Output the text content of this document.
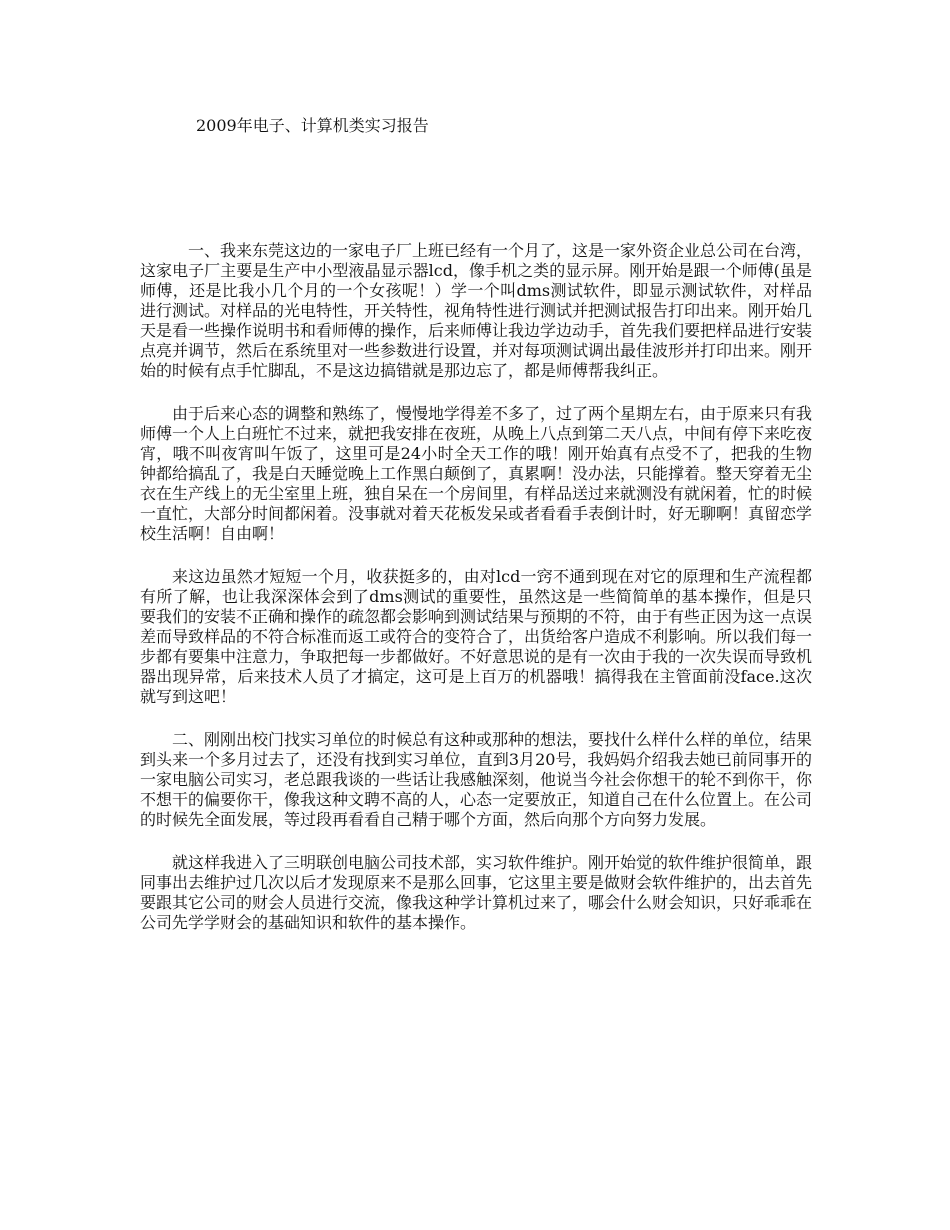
2009年电子、计算机类实习报告

一、我来东莞这边的一家电子厂上班已经有一个月了，这是一家外资企业总公司在台湾，这家电子厂主要是生产中小型液晶显示器lcd，像手机之类的显示屏。刚开始是跟一个师傅(虽是师傅，还是比我小几个月的一个女孩呢！）学一个叫dms测试软件，即显示测试软件，对样品进行测试。对样品的光电特性，开关特性，视角特性进行测试并把测试报告打印出来。刚开始几天是看一些操作说明书和看师傅的操作，后来师傅让我边学边动手，首先我们要把样品进行安装点亮并调节，然后在系统里对一些参数进行设置，并对每项测试调出最佳波形并打印出来。刚开始的时候有点手忙脚乱，不是这边搞错就是那边忘了，都是师傅帮我纠正。

由于后来心态的调整和熟练了，慢慢地学得差不多了，过了两个星期左右，由于原来只有我师傅一个人上白班忙不过来，就把我安排在夜班，从晚上八点到第二天八点，中间有停下来吃夜宵，哦不叫夜宵叫午饭了，这里可是24小时全天工作的哦！刚开始真有点受不了，把我的生物钟都给搞乱了，我是白天睡觉晚上工作黑白颠倒了，真累啊！没办法，只能撑着。整天穿着无尘衣在生产线上的无尘室里上班，独自呆在一个房间里，有样品送过来就测没有就闲着，忙的时候一直忙，大部分时间都闲着。没事就对着天花板发呆或者看看手表倒计时，好无聊啊！真留恋学校生活啊！自由啊！

来这边虽然才短短一个月，收获挺多的，由对lcd一窍不通到现在对它的原理和生产流程都有所了解，也让我深深体会到了dms测试的重要性，虽然这是一些简简单的基本操作，但是只要我们的安装不正确和操作的疏忽都会影响到测试结果与预期的不符，由于有些正因为这一点误差而导致样品的不符合标准而返工或符合的变符合了，出货给客户造成不利影响。所以我们每一步都有要集中注意力，争取把每一步都做好。不好意思说的是有一次由于我的一次失误而导致机器出现异常，后来技术人员了才搞定，这可是上百万的机器哦！搞得我在主管面前没face.这次就写到这吧！

二、刚刚出校门找实习单位的时候总有这种或那种的想法，要找什么样什么样的单位，结果到头来一个多月过去了，还没有找到实习单位，直到3月20号，我妈妈介绍我去她已前同事开的一家电脑公司实习，老总跟我谈的一些话让我感触深刻，他说当今社会你想干的轮不到你干，你不想干的偏要你干，像我这种文聘不高的人，心态一定要放正，知道自己在什么位置上。在公司的时候先全面发展，等过段再看看自己精于哪个方面，然后向那个方向努力发展。

就这样我进入了三明联创电脑公司技术部，实习软件维护。刚开始觉的软件维护很简单，跟同事出去维护过几次以后才发现原来不是那么回事，它这里主要是做财会软件维护的，出去首先要跟其它公司的财会人员进行交流，像我这种学计算机过来了，哪会什么财会知识，只好乖乖在公司先学学财会的基础知识和软件的基本操作。
